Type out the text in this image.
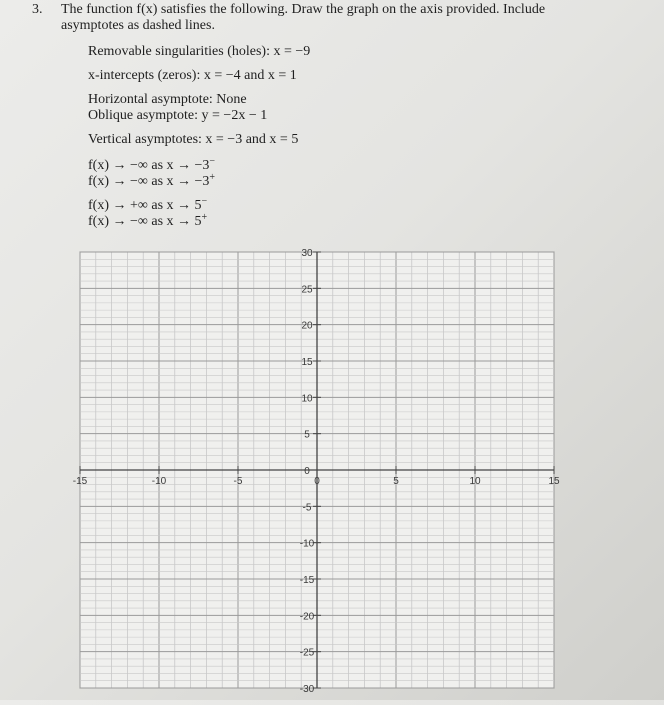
3. The function f(x) satisfies the following. Draw the graph on the axis provided. Include
asymptotes as dashed lines.
Removable singularities (holes): x = −9
x-intercepts (zeros): x = −4 and x = 1
Horizontal asymptote: None
Oblique asymptote: y = −2x − 1
Vertical asymptotes: x = −3 and x = 5
f(x) → −∞ as x → −3−
f(x) → −∞ as x → −3+
f(x) → +∞ as x → 5−
f(x) → −∞ as x → 5+
-15	-10	-5	0	5	10	15
30
25
20
15
10
5
0
-5
-10
-15
-20
-25
-30
